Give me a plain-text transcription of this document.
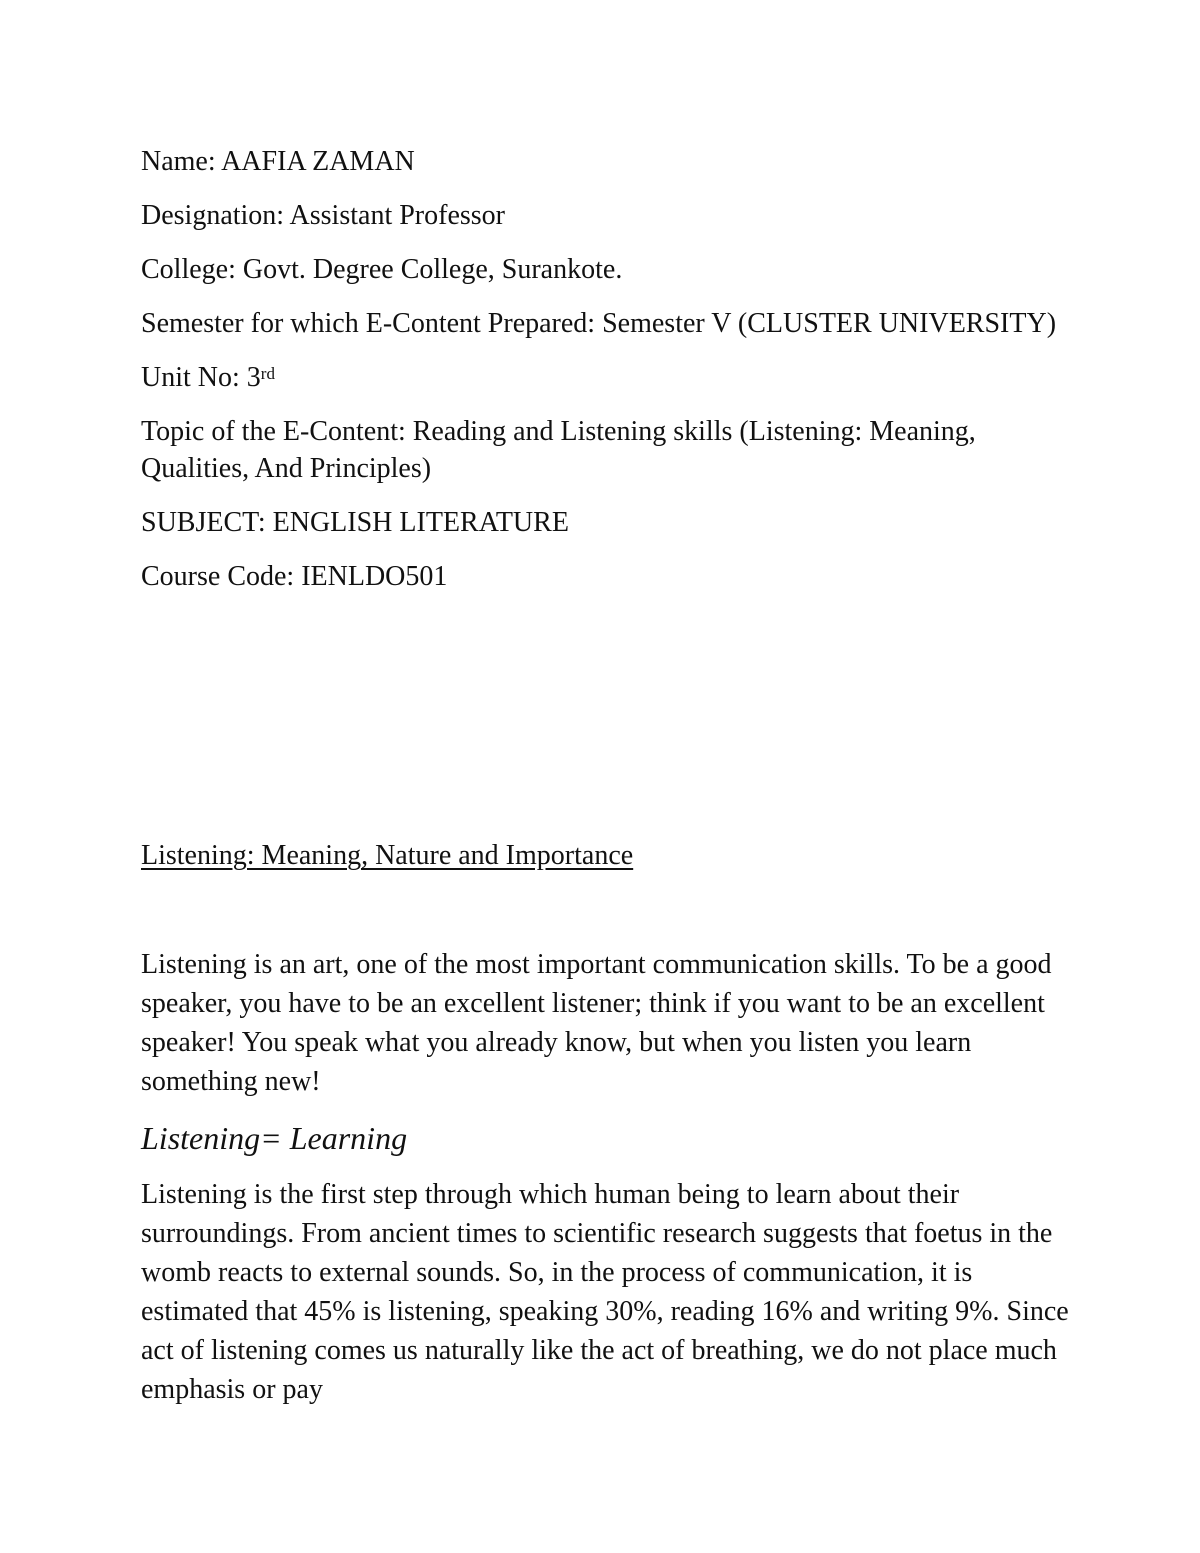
Name: AAFIA ZAMAN

Designation: Assistant Professor

College: Govt. Degree College, Surankote.

Semester for which E-Content Prepared: Semester V (CLUSTER UNIVERSITY)

Unit No: 3rd

Topic of the E-Content: Reading and Listening skills (Listening: Meaning, Qualities, And Principles)

SUBJECT: ENGLISH LITERATURE

Course Code: IENLDO501

Listening: Meaning, Nature and Importance

Listening is an art, one of the most important communication skills. To be a good speaker, you have to be an excellent listener; think if you want to be an excellent speaker! You speak what you already know, but when you listen you learn something new!

Listening= Learning

Listening is the first step through which human being to learn about their surroundings. From ancient times to scientific research suggests that foetus in the womb reacts to external sounds. So, in the process of communication, it is estimated that 45% is listening, speaking 30%, reading 16% and writing 9%. Since act of listening comes us naturally like the act of breathing, we do not place much emphasis or pay
